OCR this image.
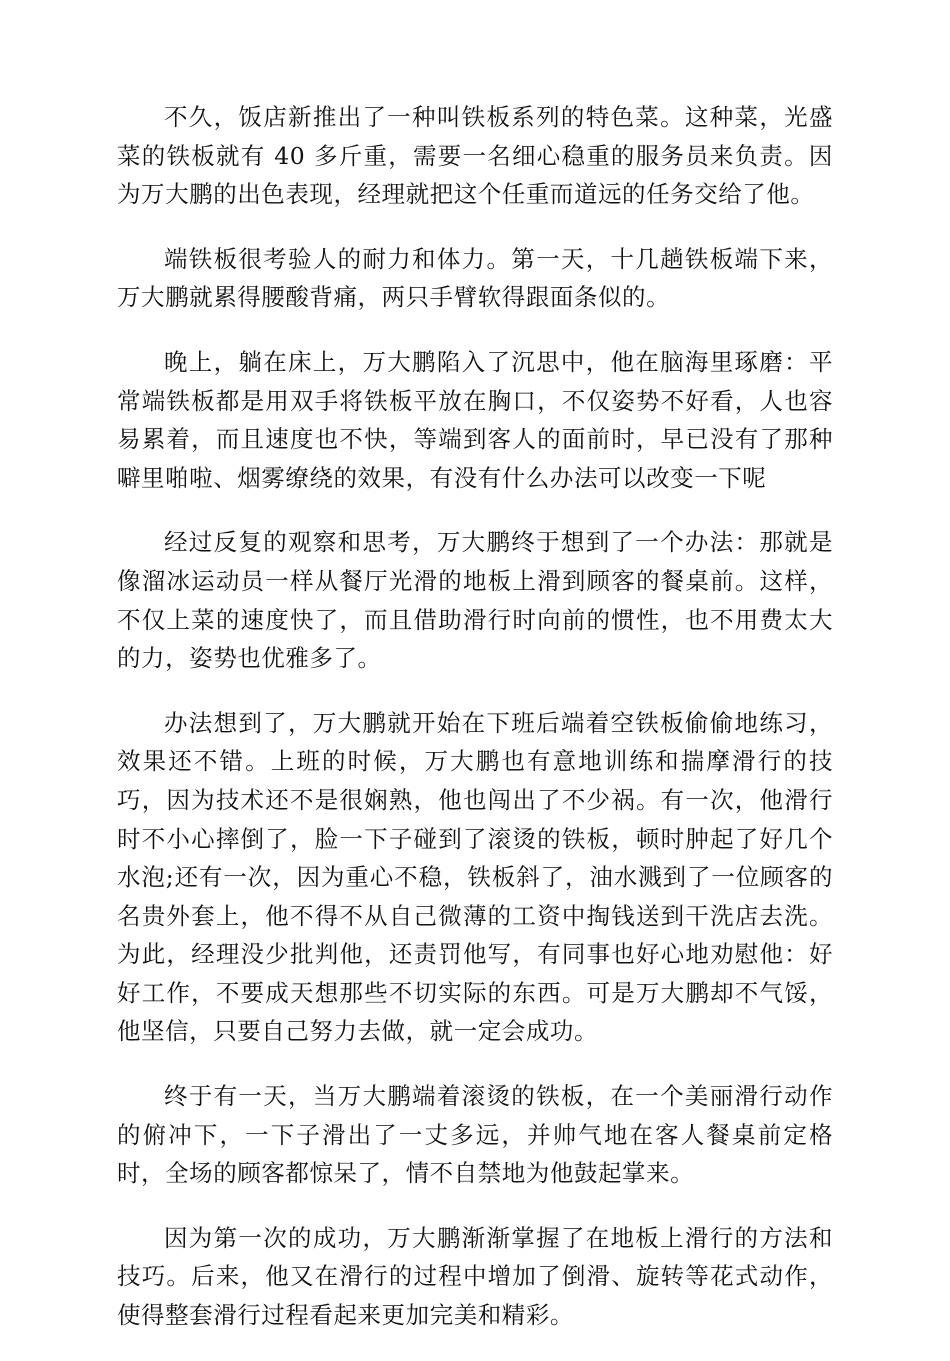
不久，饭店新推出了一种叫铁板系列的特色菜。这种菜，光盛菜的铁板就有 40 多斤重，需要一名细心稳重的服务员来负责。因为万大鹏的出色表现，经理就把这个任重而道远的任务交给了他。

端铁板很考验人的耐力和体力。第一天，十几趟铁板端下来，万大鹏就累得腰酸背痛，两只手臂软得跟面条似的。

晚上，躺在床上，万大鹏陷入了沉思中，他在脑海里琢磨：平常端铁板都是用双手将铁板平放在胸口，不仅姿势不好看，人也容易累着，而且速度也不快，等端到客人的面前时，早已没有了那种噼里啪啦、烟雾缭绕的效果，有没有什么办法可以改变一下呢

经过反复的观察和思考，万大鹏终于想到了一个办法：那就是像溜冰运动员一样从餐厅光滑的地板上滑到顾客的餐桌前。这样，不仅上菜的速度快了，而且借助滑行时向前的惯性，也不用费太大的力，姿势也优雅多了。

办法想到了，万大鹏就开始在下班后端着空铁板偷偷地练习，效果还不错。上班的时候，万大鹏也有意地训练和揣摩滑行的技巧，因为技术还不是很娴熟，他也闯出了不少祸。有一次，他滑行时不小心摔倒了，脸一下子碰到了滚烫的铁板，顿时肿起了好几个水泡;还有一次，因为重心不稳，铁板斜了，油水溅到了一位顾客的名贵外套上，他不得不从自己微薄的工资中掏钱送到干洗店去洗。为此，经理没少批判他，还责罚他写，有同事也好心地劝慰他：好好工作，不要成天想那些不切实际的东西。可是万大鹏却不气馁，他坚信，只要自己努力去做，就一定会成功。

终于有一天，当万大鹏端着滚烫的铁板，在一个美丽滑行动作的俯冲下，一下子滑出了一丈多远，并帅气地在客人餐桌前定格时，全场的顾客都惊呆了，情不自禁地为他鼓起掌来。

因为第一次的成功，万大鹏渐渐掌握了在地板上滑行的方法和技巧。后来，他又在滑行的过程中增加了倒滑、旋转等花式动作，使得整套滑行过程看起来更加完美和精彩。
